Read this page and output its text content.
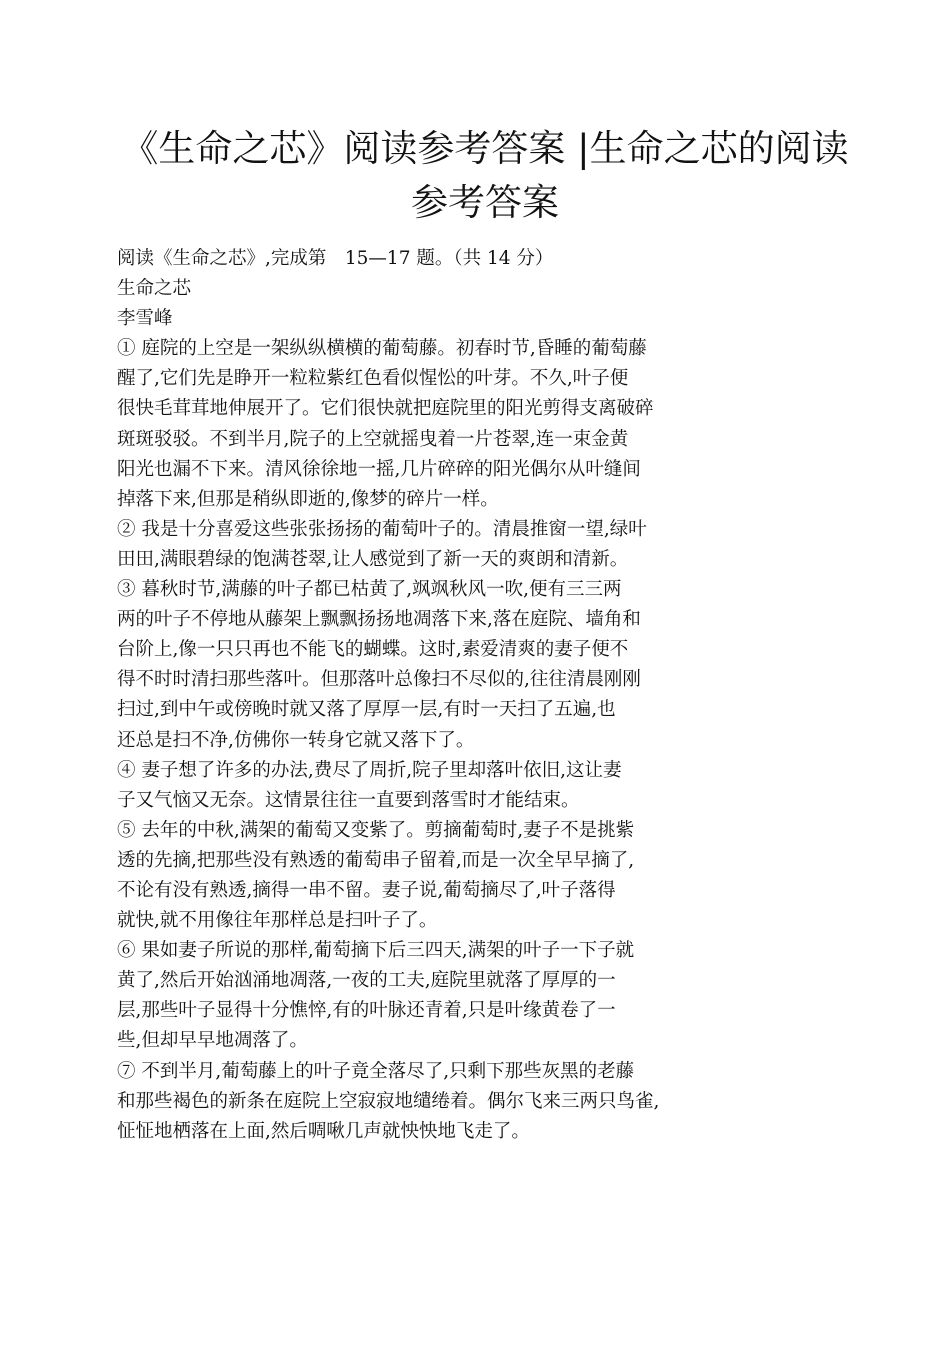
《生命之芯》阅读参考答案 |生命之芯的阅读
参考答案
阅读《生命之芯》,完成第　15—17 题。（共 14 分）
生命之芯
李雪峰
① 庭院的上空是一架纵纵横横的葡萄藤。初春时节,昏睡的葡萄藤
醒了,它们先是睁开一粒粒紫红色看似惺忪的叶芽。不久,叶子便
很快毛茸茸地伸展开了。它们很快就把庭院里的阳光剪得支离破碎
斑斑驳驳。不到半月,院子的上空就摇曳着一片苍翠,连一束金黄
阳光也漏不下来。清风徐徐地一摇,几片碎碎的阳光偶尔从叶缝间
掉落下来,但那是稍纵即逝的,像梦的碎片一样。
② 我是十分喜爱这些张张扬扬的葡萄叶子的。清晨推窗一望,绿叶
田田,满眼碧绿的饱满苍翠,让人感觉到了新一天的爽朗和清新。
③ 暮秋时节,满藤的叶子都已枯黄了,飒飒秋风一吹,便有三三两
两的叶子不停地从藤架上飘飘扬扬地凋落下来,落在庭院、墙角和
台阶上,像一只只再也不能飞的蝴蝶。这时,素爱清爽的妻子便不
得不时时清扫那些落叶。但那落叶总像扫不尽似的,往往清晨刚刚
扫过,到中午或傍晚时就又落了厚厚一层,有时一天扫了五遍,也
还总是扫不净,仿佛你一转身它就又落下了。
④ 妻子想了许多的办法,费尽了周折,院子里却落叶依旧,这让妻
子又气恼又无奈。这情景往往一直要到落雪时才能结束。
⑤ 去年的中秋,满架的葡萄又变紫了。剪摘葡萄时,妻子不是挑紫
透的先摘,把那些没有熟透的葡萄串子留着,而是一次全早早摘了,
不论有没有熟透,摘得一串不留。妻子说,葡萄摘尽了,叶子落得
就快,就不用像往年那样总是扫叶子了。
⑥ 果如妻子所说的那样,葡萄摘下后三四天,满架的叶子一下子就
黄了,然后开始汹涌地凋落,一夜的工夫,庭院里就落了厚厚的一
层,那些叶子显得十分憔悴,有的叶脉还青着,只是叶缘黄卷了一
些,但却早早地凋落了。
⑦ 不到半月,葡萄藤上的叶子竟全落尽了,只剩下那些灰黑的老藤
和那些褐色的新条在庭院上空寂寂地缱绻着。偶尔飞来三两只鸟雀,
怔怔地栖落在上面,然后啁啾几声就怏怏地飞走了。
